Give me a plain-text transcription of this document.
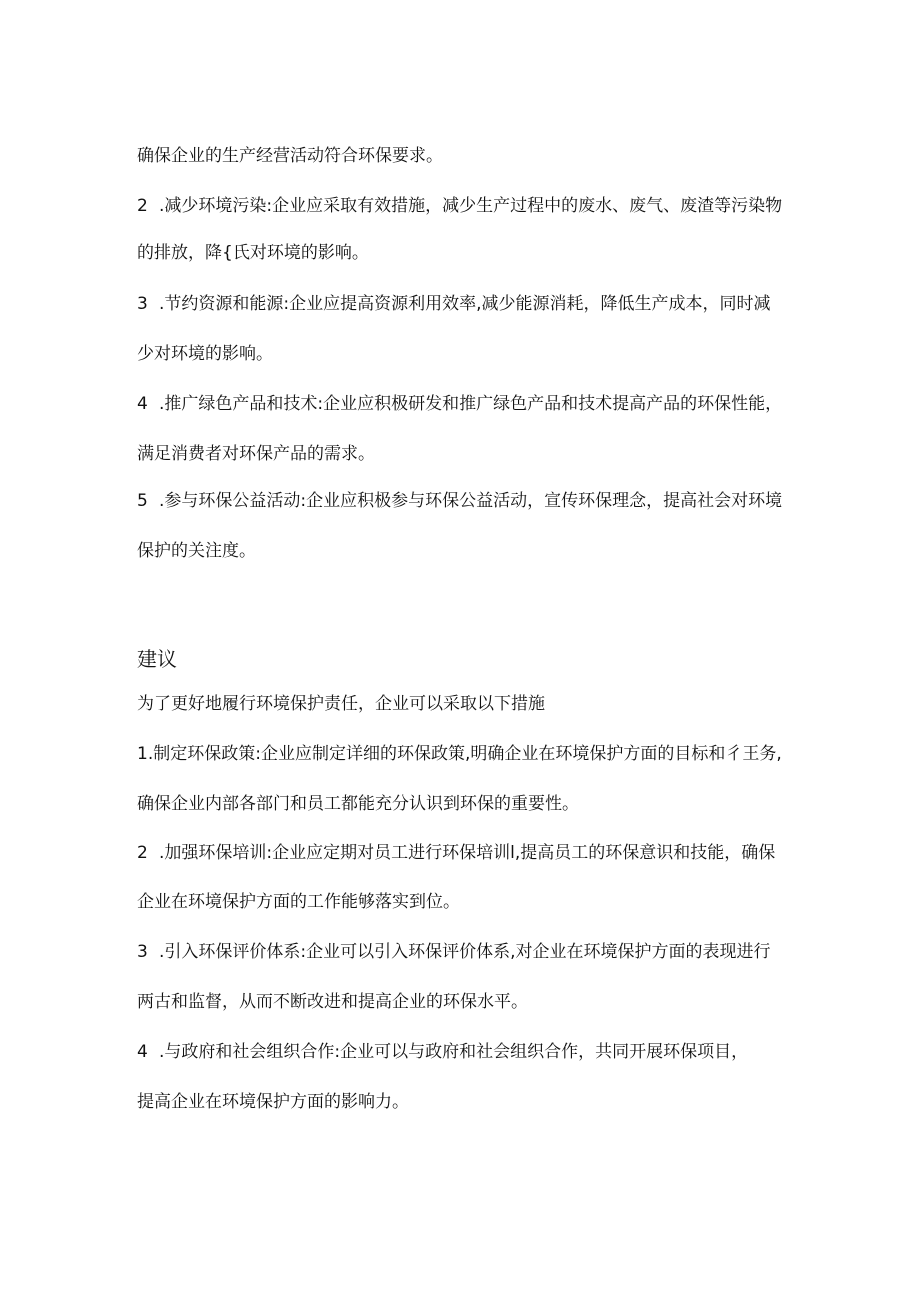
确保企业的生产经营活动符合环保要求。
2 .减少环境污染:企业应采取有效措施，减少生产过程中的废水、废气、废渣等污染物
的排放，降{氏对环境的影响。
3 .节约资源和能源:企业应提高资源利用效率,减少能源消耗，降低生产成本，同时减
少对环境的影响。
4 .推广绿色产品和技术:企业应积极研发和推广绿色产品和技术提高产品的环保性能，
满足消费者对环保产品的需求。
5 .参与环保公益活动:企业应积极参与环保公益活动，宣传环保理念，提高社会对环境
保护的关注度。
建议
为了更好地履行环境保护责任，企业可以采取以下措施
1.制定环保政策:企业应制定详细的环保政策,明确企业在环境保护方面的目标和彳王务,
确保企业内部各部门和员工都能充分认识到环保的重要性。
2 .加强环保培训:企业应定期对员工进行环保培训l,提高员工的环保意识和技能，确保
企业在环境保护方面的工作能够落实到位。
3 .引入环保评价体系:企业可以引入环保评价体系,对企业在环境保护方面的表现进行
两古和监督，从而不断改进和提高企业的环保水平。
4 .与政府和社会组织合作:企业可以与政府和社会组织合作，共同开展环保项目，
提高企业在环境保护方面的影响力。
